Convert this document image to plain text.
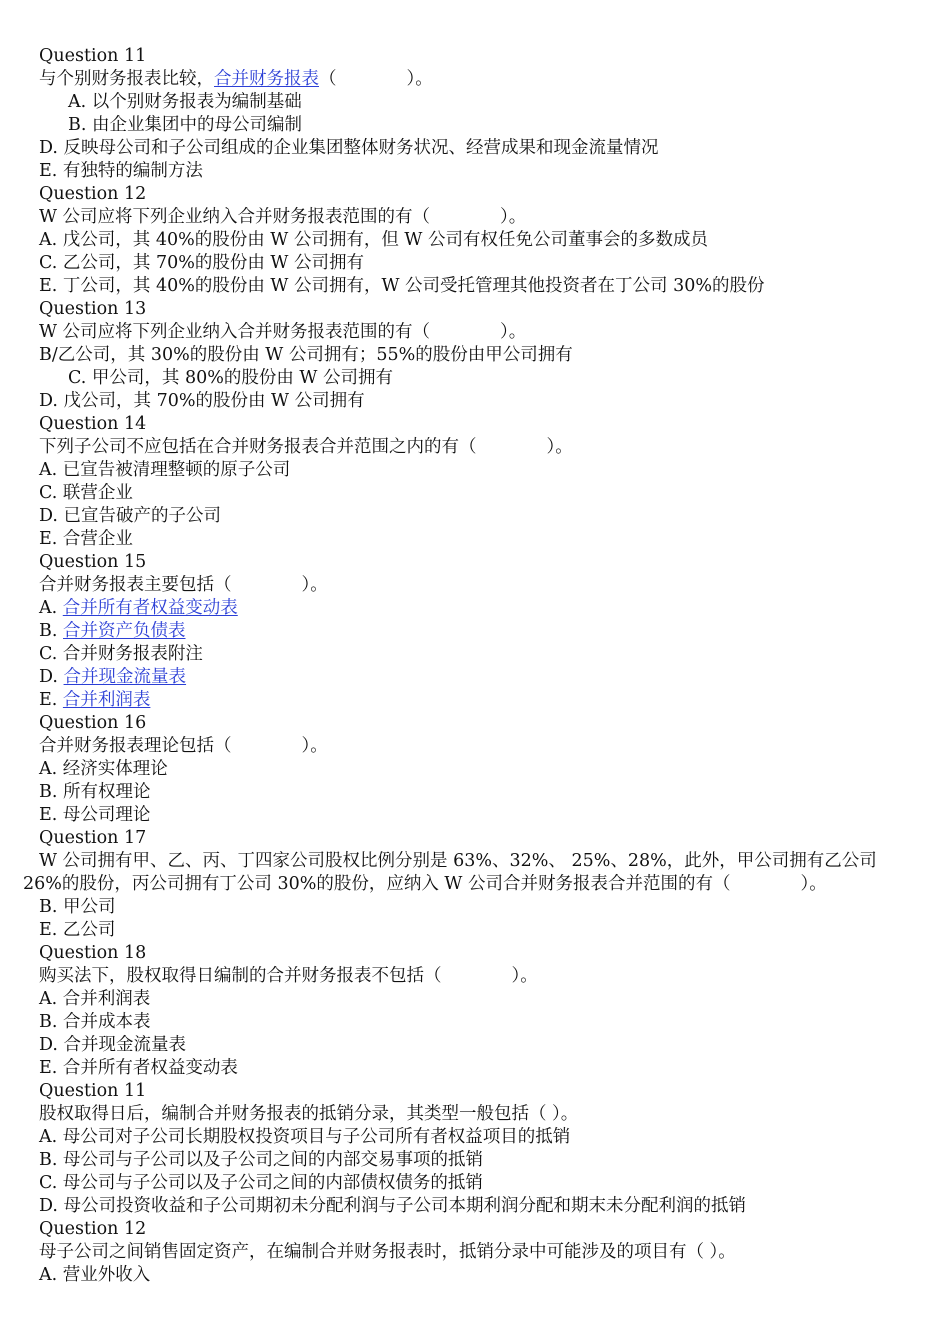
Question 11
与个别财务报表比较，合并财务报表（　　　　）。
A. 以个别财务报表为编制基础
B. 由企业集团中的母公司编制
D. 反映母公司和子公司组成的企业集团整体财务状况、经营成果和现金流量情况
E. 有独特的编制方法
Question 12
W 公司应将下列企业纳入合并财务报表范围的有（　　　　）。
A. 戊公司，其 40%的股份由 W 公司拥有，但 W 公司有权任免公司董事会的多数成员
C. 乙公司，其 70%的股份由 W 公司拥有
E. 丁公司，其 40%的股份由 W 公司拥有，W 公司受托管理其他投资者在丁公司 30%的股份
Question 13
W 公司应将下列企业纳入合并财务报表范围的有（　　　　）。
B/乙公司，其 30%的股份由 W 公司拥有；55%的股份由甲公司拥有
C. 甲公司，其 80%的股份由 W 公司拥有
D. 戊公司，其 70%的股份由 W 公司拥有
Question 14
下列子公司不应包括在合并财务报表合并范围之内的有（　　　　）。
A. 已宣告被清理整顿的原子公司
C. 联营企业
D. 已宣告破产的子公司
E. 合营企业
Question 15
合并财务报表主要包括（　　　　）。
A. 合并所有者权益变动表
B. 合并资产负债表
C. 合并财务报表附注
D. 合并现金流量表
E. 合并利润表
Question 16
合并财务报表理论包括（　　　　）。
A. 经济实体理论
B. 所有权理论
E. 母公司理论
Question 17
W 公司拥有甲、乙、丙、丁四家公司股权比例分别是 63%、32%、 25%、28%，此外，甲公司拥有乙公司
26%的股份，丙公司拥有丁公司 30%的股份，应纳入 W 公司合并财务报表合并范围的有（　　　　）。
B. 甲公司
E. 乙公司
Question 18
购买法下，股权取得日编制的合并财务报表不包括（　　　　）。
A. 合并利润表
B. 合并成本表
D. 合并现金流量表
E. 合并所有者权益变动表
Question 11
股权取得日后，编制合并财务报表的抵销分录，其类型一般包括（ ）。
A. 母公司对子公司长期股权投资项目与子公司所有者权益项目的抵销
B. 母公司与子公司以及子公司之间的内部交易事项的抵销
C. 母公司与子公司以及子公司之间的内部债权债务的抵销
D. 母公司投资收益和子公司期初未分配利润与子公司本期利润分配和期末未分配利润的抵销
Question 12
母子公司之间销售固定资产，在编制合并财务报表时，抵销分录中可能涉及的项目有（ ）。
A. 营业外收入
